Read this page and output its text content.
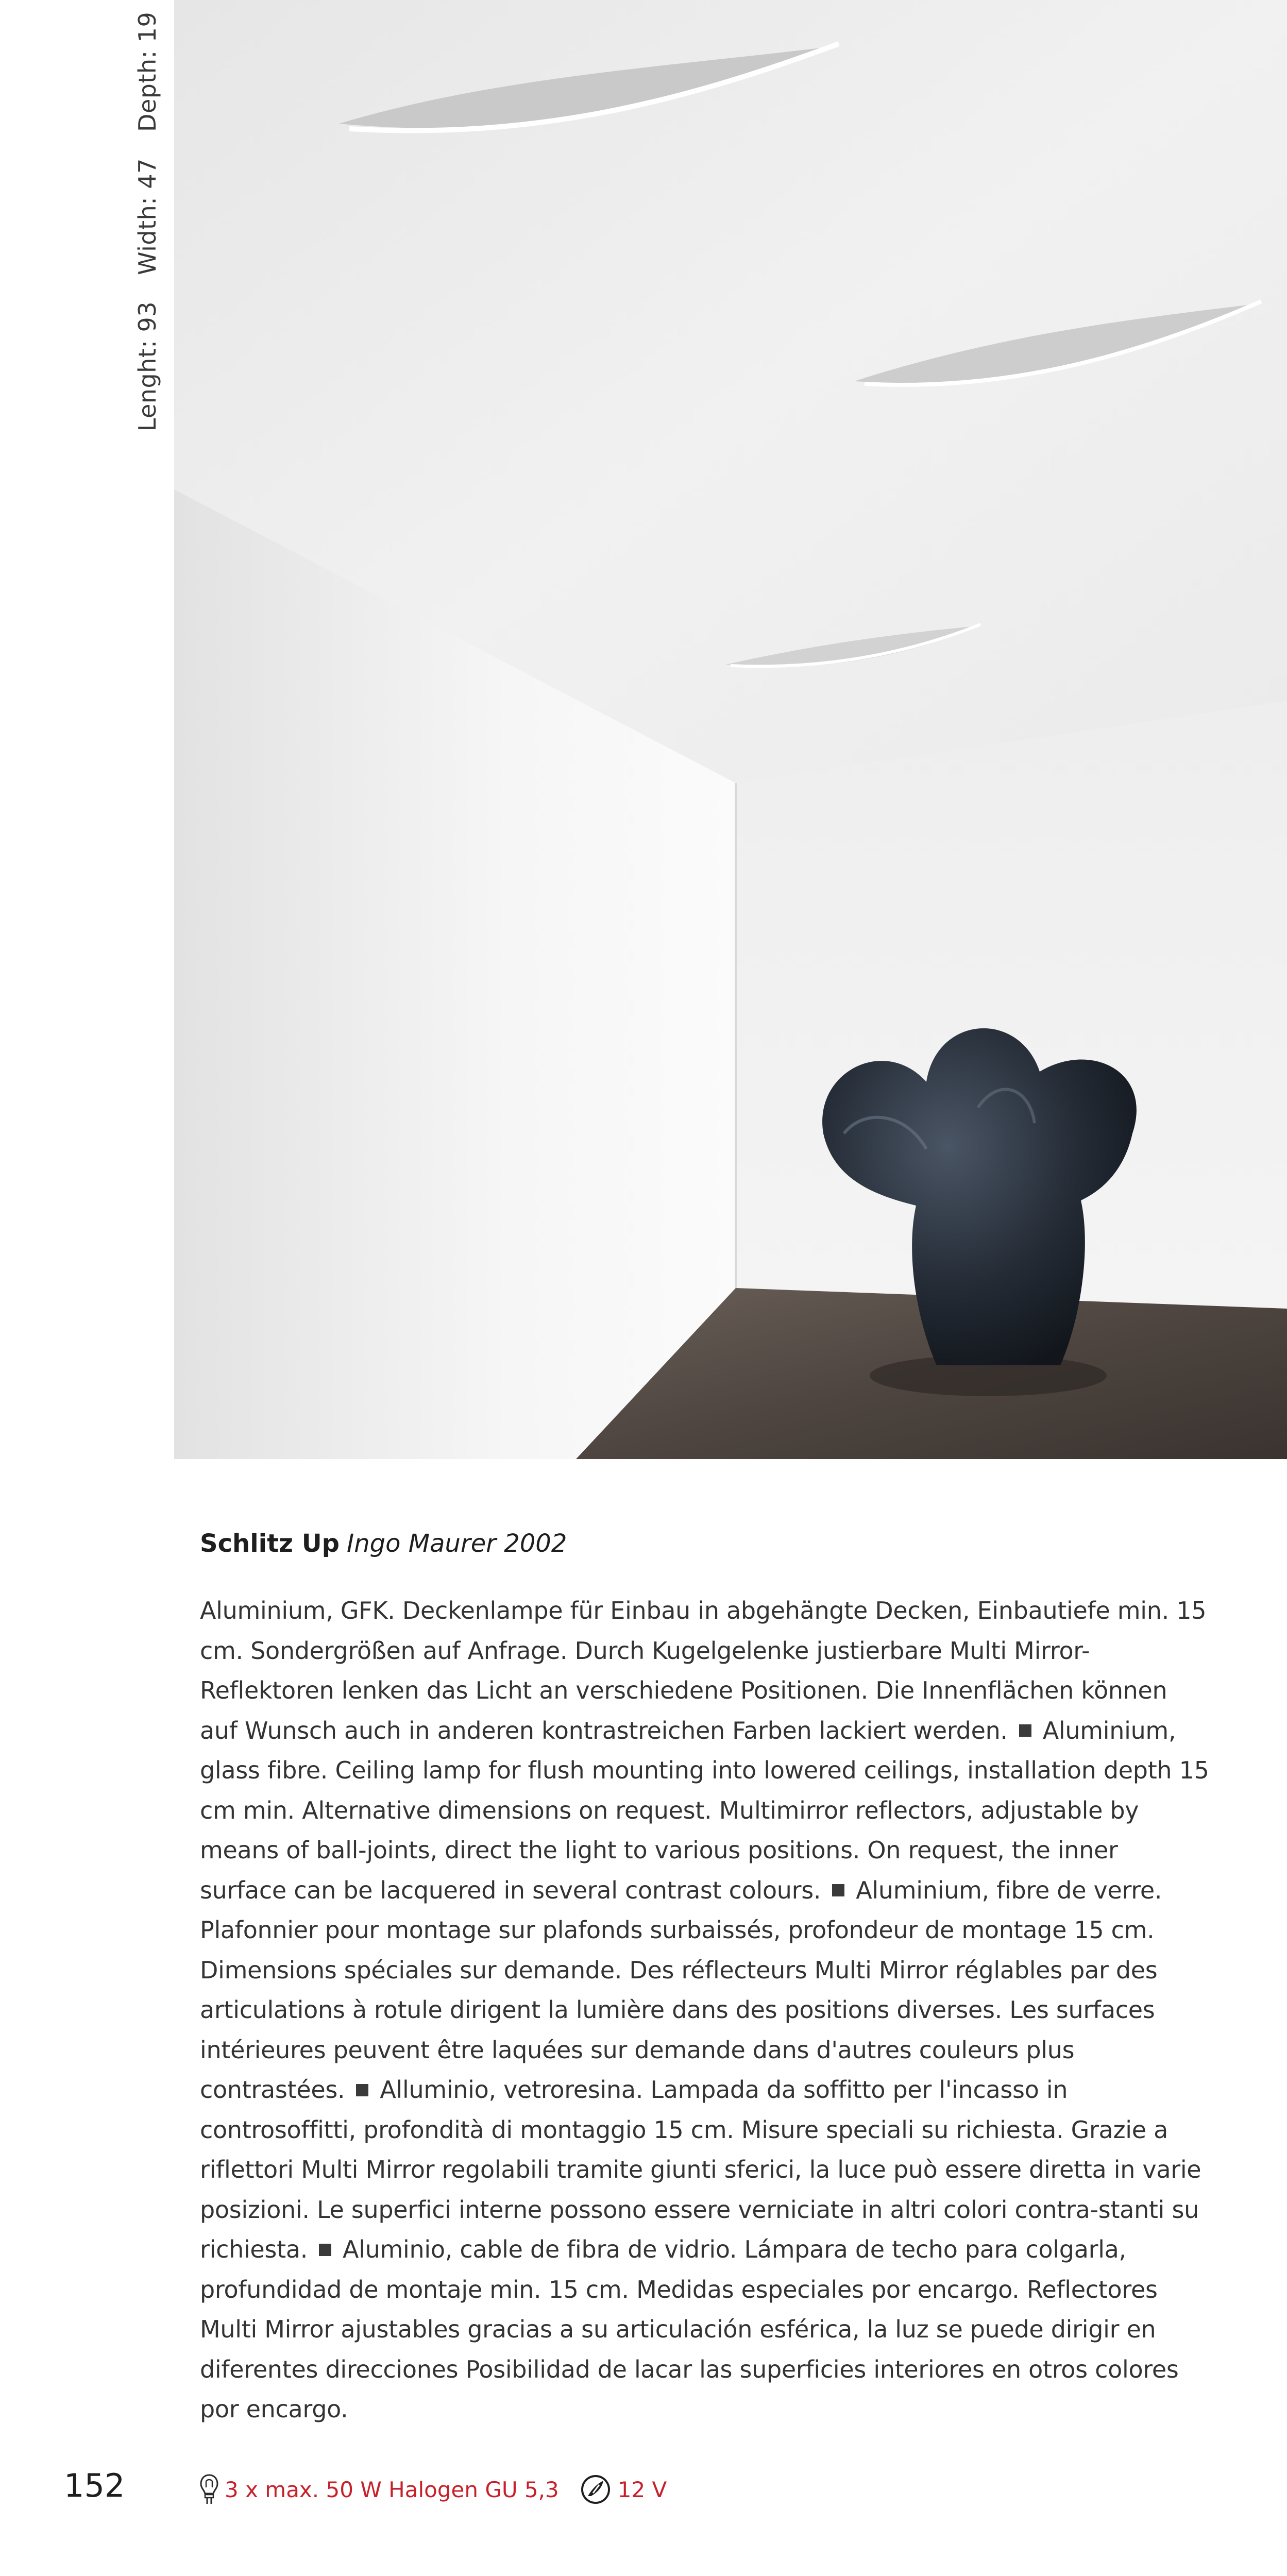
Lenght: 93 Width: 47 Depth: 19
Schlitz Up Ingo Maurer 2002

Aluminium, GFK. Deckenlampe für Einbau in abgehängte Decken, Einbautiefe min. 15 cm. Sondergrößen auf Anfrage. Durch Kugelgelenke justierbare Multi Mirror-Reflektoren lenken das Licht an verschiedene Positionen. Die Innenflächen können auf Wunsch auch in anderen kontrastreichen Farben lackiert werden. Aluminium, glass fibre. Ceiling lamp for flush mounting into lowered ceilings, installation depth 15 cm min. Alternative dimensions on request. Multimirror reflectors, adjustable by means of ball-joints, direct the light to various positions. On request, the inner surface can be lacquered in several contrast colours. Aluminium, fibre de verre. Plafonnier pour montage sur plafonds surbaissés, profondeur de montage 15 cm. Dimensions spéciales sur demande. Des réflecteurs Multi Mirror réglables par des articulations à rotule dirigent la lumière dans des positions diverses. Les surfaces intérieures peuvent être laquées sur demande dans d'autres couleurs plus contrastées. Alluminio, vetroresina. Lampada da soffitto per l'incasso in controsoffitti, profondità di montaggio 15 cm. Misure speciali su richiesta. Grazie a riflettori Multi Mirror regolabili tramite giunti sferici, la luce può essere diretta in varie posizioni. Le superfici interne possono essere verniciate in altri colori contra-stanti su richiesta. Aluminio, cable de fibra de vidrio. Lámpara de techo para colgarla, profundidad de montaje min. 15 cm. Medidas especiales por encargo. Reflectores Multi Mirror ajustables gracias a su articulación esférica, la luz se puede dirigir en diferentes direcciones Posibilidad de lacar las superficies interiores en otros colores por encargo.

152	3 x max. 50 W Halogen GU 5,3	12 V
